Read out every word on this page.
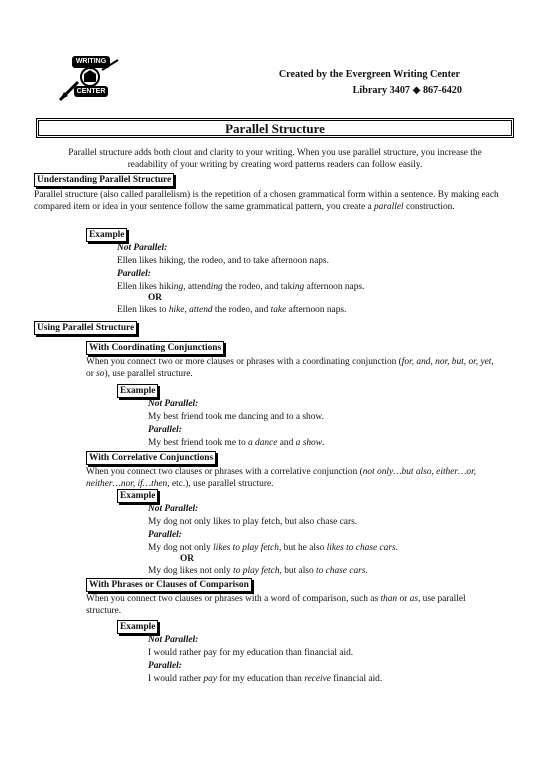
WRITING
CENTER
Created by the Evergreen Writing Center
Library 3407 ◆ 867-6420
Parallel Structure
Parallel structure adds both clout and clarity to your writing. When you use parallel structure, you increase the readability of your writing by creating word patterns readers can follow easily.
Understanding Parallel Structure
Parallel structure (also called parallelism) is the repetition of a chosen grammatical form within a sentence. By making each compared item or idea in your sentence follow the same grammatical pattern, you create a parallel construction.
Example
Not Parallel:
Ellen likes hiking, the rodeo, and to take afternoon naps.
Parallel:
Ellen likes hiking, attending the rodeo, and taking afternoon naps.
OR
Ellen likes to hike, attend the rodeo, and take afternoon naps.
Using Parallel Structure
With Coordinating Conjunctions
When you connect two or more clauses or phrases with a coordinating conjunction (for, and, nor, but, or, yet, or so), use parallel structure.
Example
Not Parallel:
My best friend took me dancing and to a show.
Parallel:
My best friend took me to a dance and a show.
With Correlative Conjunctions
When you connect two clauses or phrases with a correlative conjunction (not only…but also, either…or, neither…nor, if…then, etc.), use parallel structure.
Example
Not Parallel:
My dog not only likes to play fetch, but also chase cars.
Parallel:
My dog not only likes to play fetch, but he also likes to chase cars.
OR
My dog likes not only to play fetch, but also to chase cars.
With Phrases or Clauses of Comparison
When you connect two clauses or phrases with a word of comparison, such as than or as, use parallel structure.
Example
Not Parallel:
I would rather pay for my education than financial aid.
Parallel:
I would rather pay for my education than receive financial aid.
